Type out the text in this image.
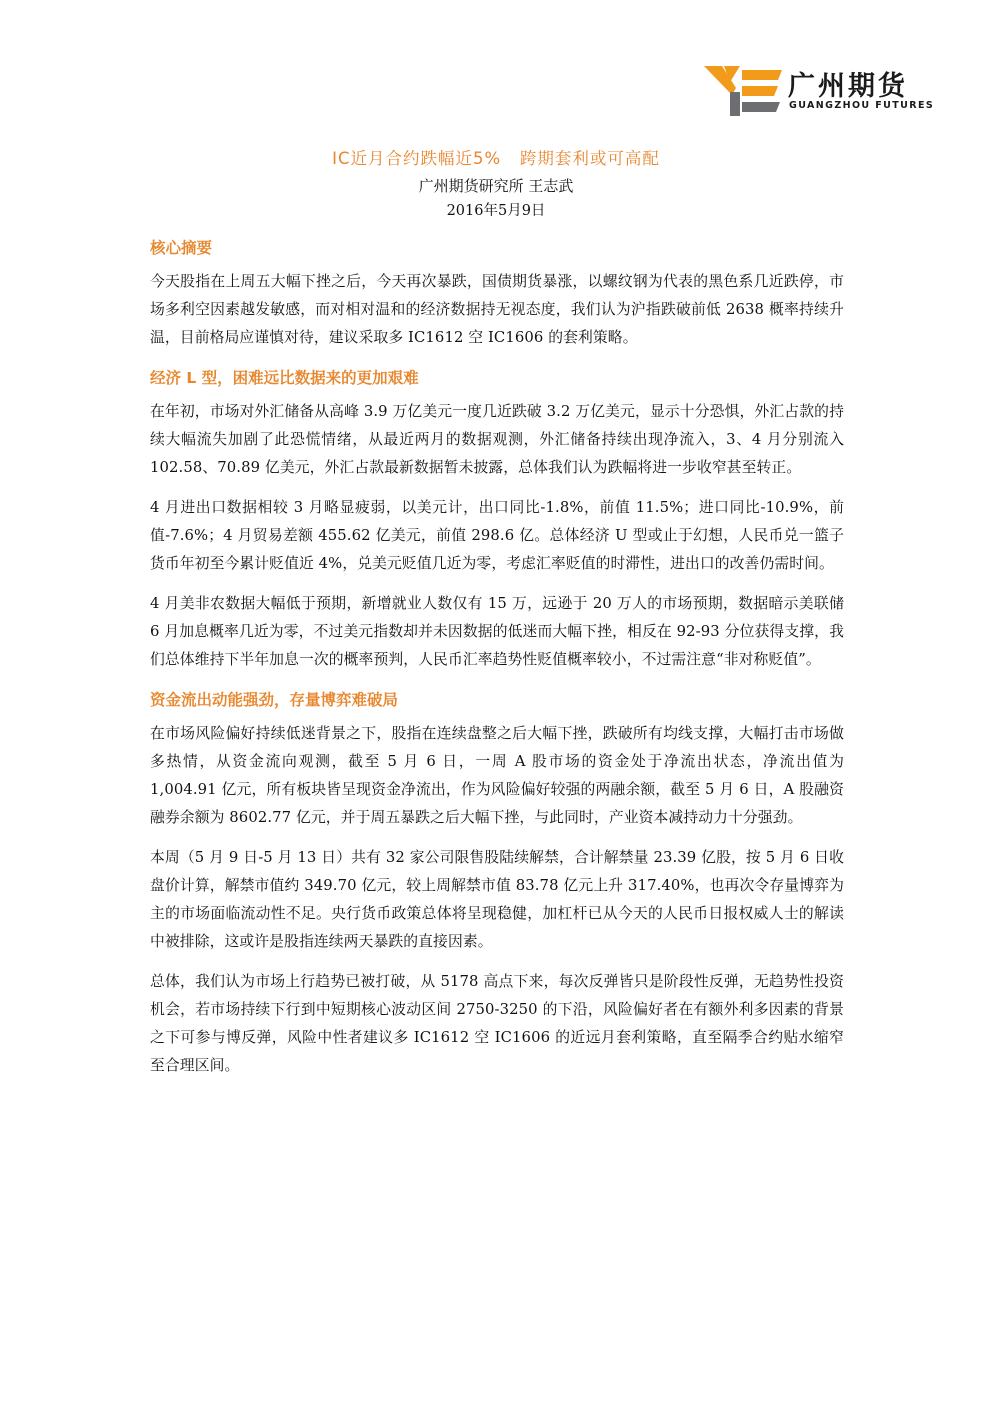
广州期货
GUANGZHOU FUTURES
IC近月合约跌幅近5%   跨期套利或可高配
广州期货研究所 王志武
2016年5月9日
核心摘要

今天股指在上周五大幅下挫之后，今天再次暴跌，国债期货暴涨，以螺纹钢为代表的黑色系几近跌停，市场多利空因素越发敏感，而对相对温和的经济数据持无视态度，我们认为沪指跌破前低 2638 概率持续升温，目前格局应谨慎对待，建议采取多 IC1612 空 IC1606 的套利策略。

经济 L 型，困难远比数据来的更加艰难

在年初，市场对外汇储备从高峰 3.9 万亿美元一度几近跌破 3.2 万亿美元，显示十分恐惧，外汇占款的持续大幅流失加剧了此恐慌情绪，从最近两月的数据观测，外汇储备持续出现净流入，3、4 月分别流入 102.58、70.89 亿美元，外汇占款最新数据暂未披露，总体我们认为跌幅将进一步收窄甚至转正。

4 月进出口数据相较 3 月略显疲弱，以美元计，出口同比-1.8%，前值 11.5%；进口同比-10.9%，前值-7.6%；4 月贸易差额 455.62 亿美元，前值 298.6 亿。总体经济 U 型或止于幻想，人民币兑一篮子货币年初至今累计贬值近 4%，兑美元贬值几近为零，考虑汇率贬值的时滞性，进出口的改善仍需时间。

4 月美非农数据大幅低于预期，新增就业人数仅有 15 万，远逊于 20 万人的市场预期，数据暗示美联储 6 月加息概率几近为零，不过美元指数却并未因数据的低迷而大幅下挫，相反在 92-93 分位获得支撑，我们总体维持下半年加息一次的概率预判，人民币汇率趋势性贬值概率较小，不过需注意“非对称贬值”。

资金流出动能强劲，存量博弈难破局

在市场风险偏好持续低迷背景之下，股指在连续盘整之后大幅下挫，跌破所有均线支撑，大幅打击市场做多热情，从资金流向观测，截至 5 月 6 日，一周 A 股市场的资金处于净流出状态，净流出值为 1,004.91 亿元，所有板块皆呈现资金净流出，作为风险偏好较强的两融余额，截至 5 月 6 日，A 股融资融券余额为 8602.77 亿元，并于周五暴跌之后大幅下挫，与此同时，产业资本减持动力十分强劲。

本周（5 月 9 日-5 月 13 日）共有 32 家公司限售股陆续解禁，合计解禁量 23.39 亿股，按 5 月 6 日收盘价计算，解禁市值约 349.70 亿元，较上周解禁市值 83.78 亿元上升 317.40%，也再次令存量博弈为主的市场面临流动性不足。央行货币政策总体将呈现稳健，加杠杆已从今天的人民币日报权威人士的解读中被排除，这或许是股指连续两天暴跌的直接因素。

总体，我们认为市场上行趋势已被打破，从 5178 高点下来，每次反弹皆只是阶段性反弹，无趋势性投资机会，若市场持续下行到中短期核心波动区间 2750-3250 的下沿，风险偏好者在有额外利多因素的背景之下可参与博反弹，风险中性者建议多 IC1612 空 IC1606 的近远月套利策略，直至隔季合约贴水缩窄至合理区间。
